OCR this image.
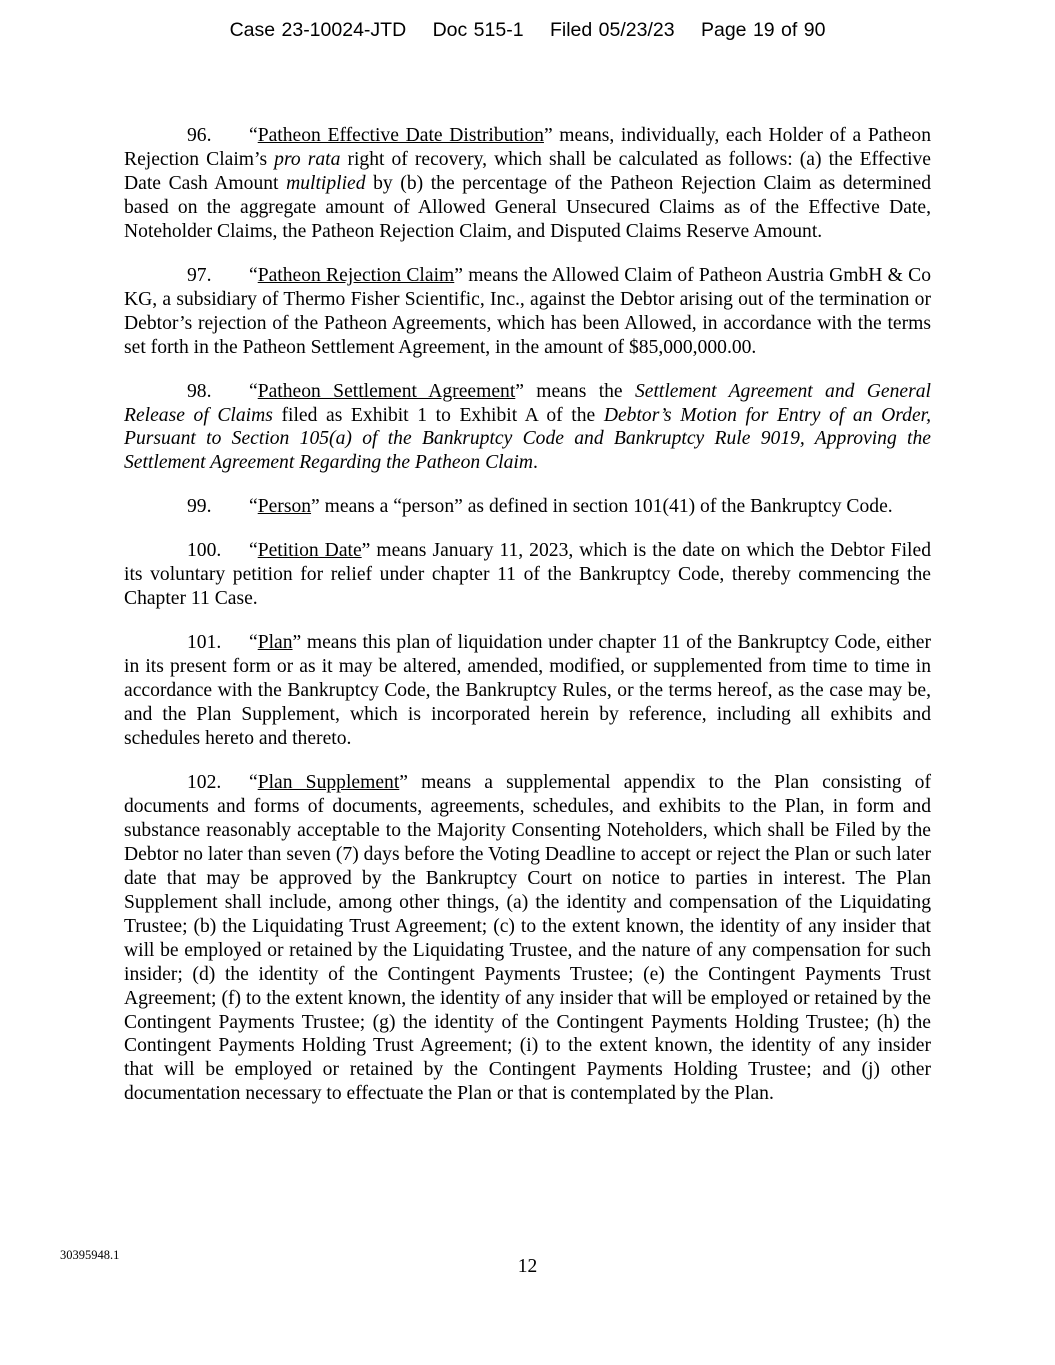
Case 23-10024-JTD Doc 515-1 Filed 05/23/23 Page 19 of 90

96. “Patheon Effective Date Distribution” means, individually, each Holder of a Patheon Rejection Claim’s pro rata right of recovery, which shall be calculated as follows: (a) the Effective Date Cash Amount multiplied by (b) the percentage of the Patheon Rejection Claim as determined based on the aggregate amount of Allowed General Unsecured Claims as of the Effective Date, Noteholder Claims, the Patheon Rejection Claim, and Disputed Claims Reserve Amount.

97. “Patheon Rejection Claim” means the Allowed Claim of Patheon Austria GmbH & Co KG, a subsidiary of Thermo Fisher Scientific, Inc., against the Debtor arising out of the termination or Debtor’s rejection of the Patheon Agreements, which has been Allowed, in accordance with the terms set forth in the Patheon Settlement Agreement, in the amount of $85,000,000.00.

98. “Patheon Settlement Agreement” means the Settlement Agreement and General Release of Claims filed as Exhibit 1 to Exhibit A of the Debtor’s Motion for Entry of an Order, Pursuant to Section 105(a) of the Bankruptcy Code and Bankruptcy Rule 9019, Approving the Settlement Agreement Regarding the Patheon Claim.

99. “Person” means a “person” as defined in section 101(41) of the Bankruptcy Code.

100. “Petition Date” means January 11, 2023, which is the date on which the Debtor Filed its voluntary petition for relief under chapter 11 of the Bankruptcy Code, thereby commencing the Chapter 11 Case.

101. “Plan” means this plan of liquidation under chapter 11 of the Bankruptcy Code, either in its present form or as it may be altered, amended, modified, or supplemented from time to time in accordance with the Bankruptcy Code, the Bankruptcy Rules, or the terms hereof, as the case may be, and the Plan Supplement, which is incorporated herein by reference, including all exhibits and schedules hereto and thereto.

102. “Plan Supplement” means a supplemental appendix to the Plan consisting of documents and forms of documents, agreements, schedules, and exhibits to the Plan, in form and substance reasonably acceptable to the Majority Consenting Noteholders, which shall be Filed by the Debtor no later than seven (7) days before the Voting Deadline to accept or reject the Plan or such later date that may be approved by the Bankruptcy Court on notice to parties in interest. The Plan Supplement shall include, among other things, (a) the identity and compensation of the Liquidating Trustee; (b) the Liquidating Trust Agreement; (c) to the extent known, the identity of any insider that will be employed or retained by the Liquidating Trustee, and the nature of any compensation for such insider; (d) the identity of the Contingent Payments Trustee; (e) the Contingent Payments Trust Agreement; (f) to the extent known, the identity of any insider that will be employed or retained by the Contingent Payments Trustee; (g) the identity of the Contingent Payments Holding Trustee; (h) the Contingent Payments Holding Trust Agreement; (i) to the extent known, the identity of any insider that will be employed or retained by the Contingent Payments Holding Trustee; and (j) other documentation necessary to effectuate the Plan or that is contemplated by the Plan.

30395948.1
12
